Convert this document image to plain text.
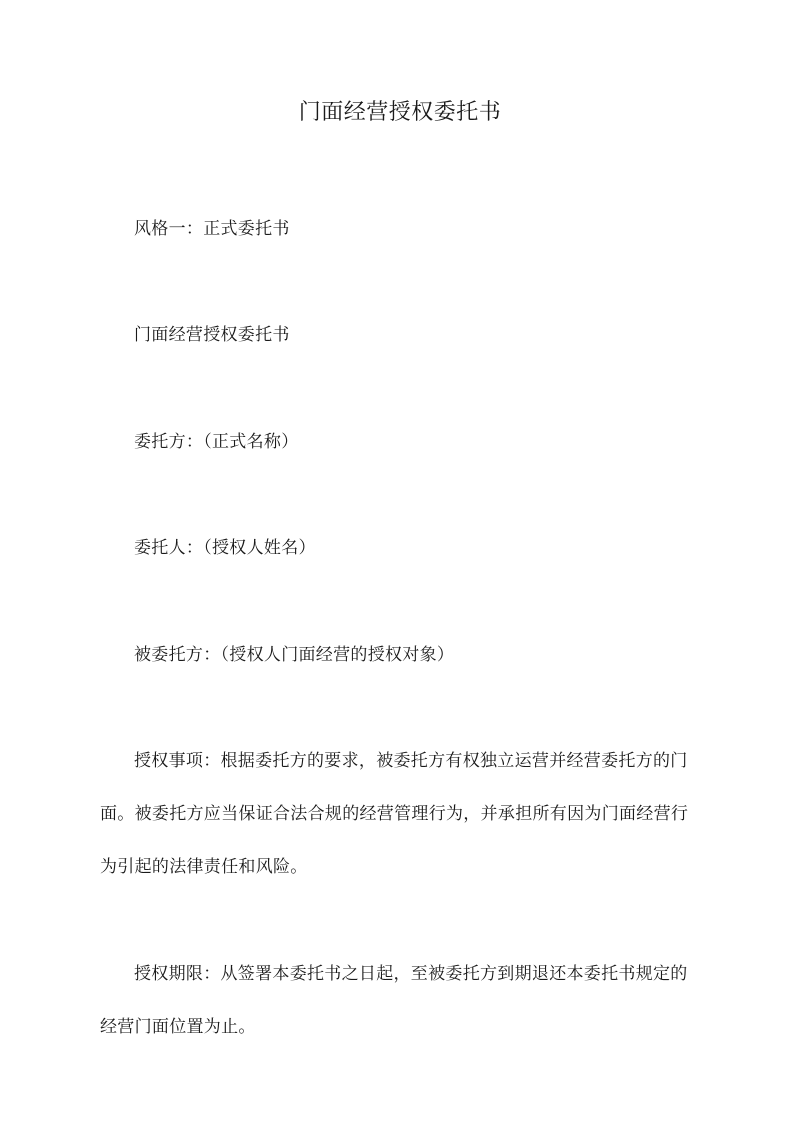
门面经营授权委托书

风格一：正式委托书

门面经营授权委托书

委托方：（正式名称）

委托人：（授权人姓名）

被委托方：（授权人门面经营的授权对象）

授权事项：根据委托方的要求，被委托方有权独立运营并经营委托方的门面。被委托方应当保证合法合规的经营管理行为，并承担所有因为门面经营行为引起的法律责任和风险。

授权期限：从签署本委托书之日起，至被委托方到期退还本委托书规定的经营门面位置为止。
